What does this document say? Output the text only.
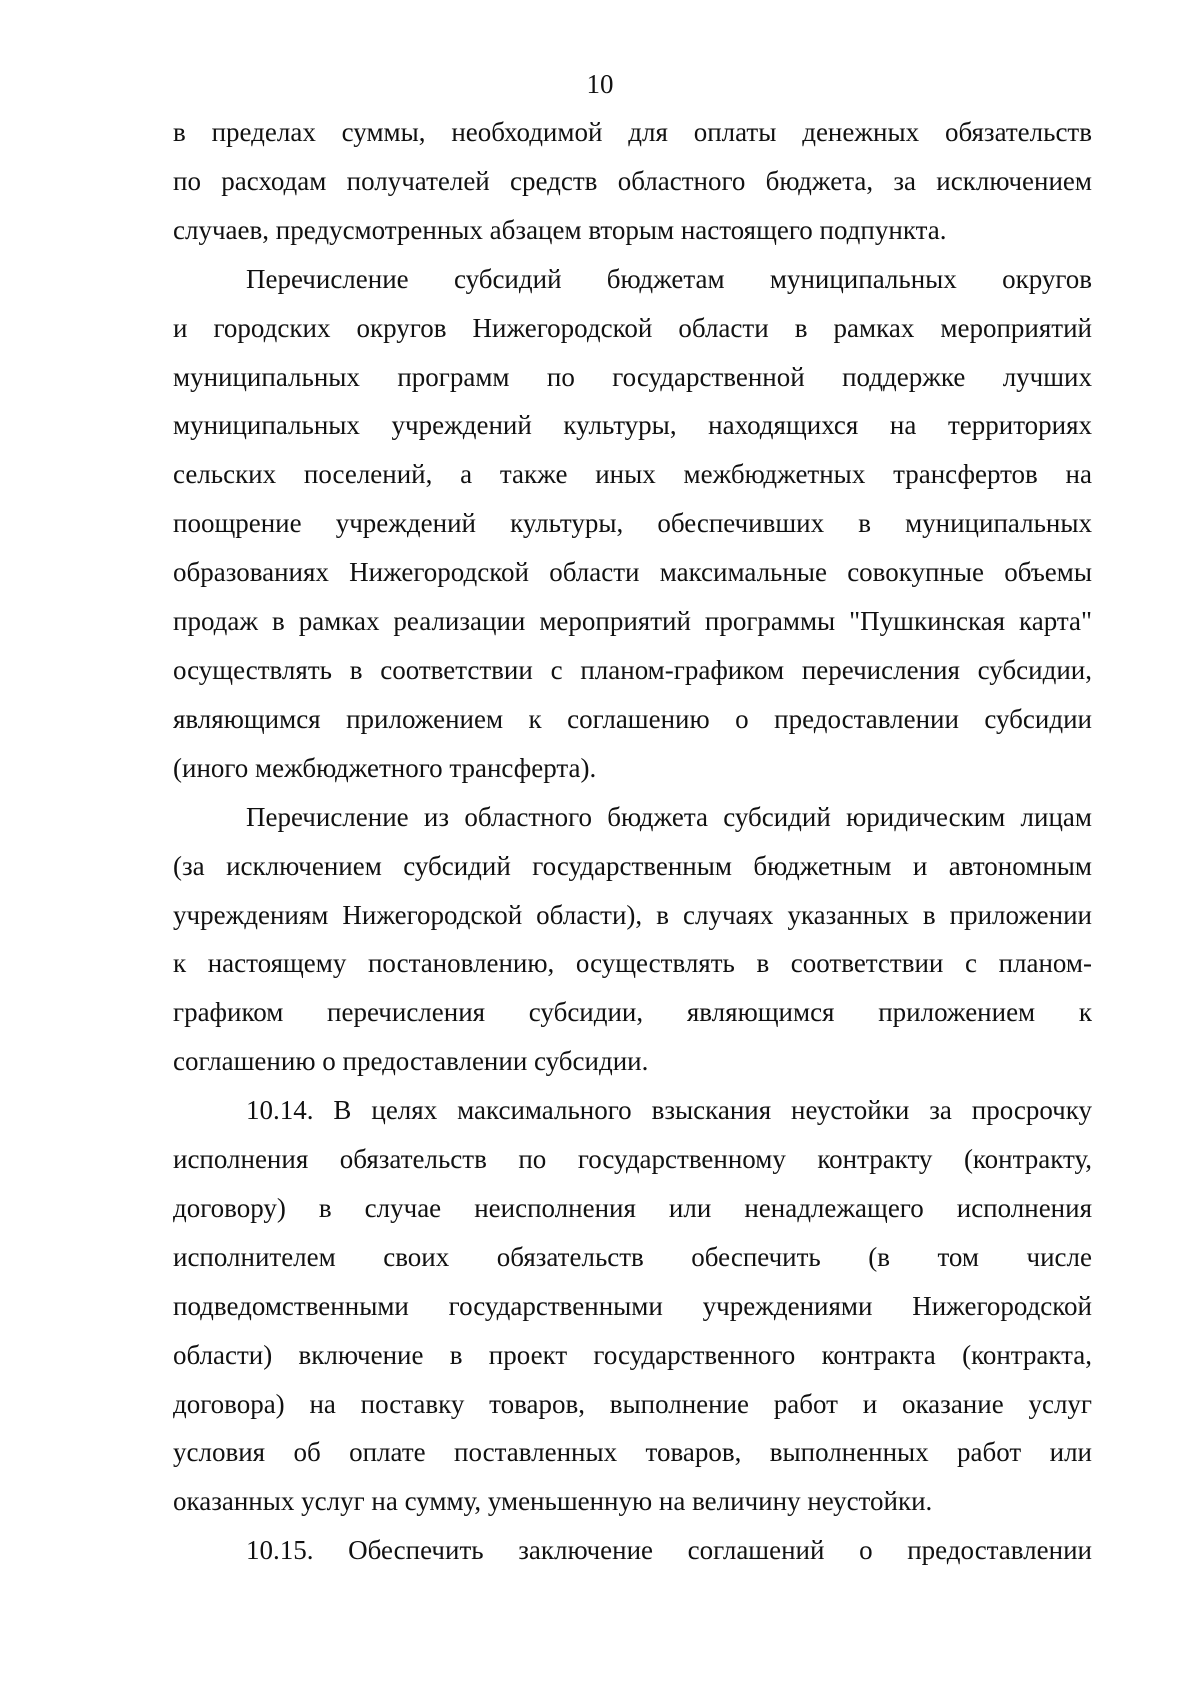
10
в пределах суммы, необходимой для оплаты денежных обязательств
по расходам получателей средств областного бюджета, за исключением
случаев, предусмотренных абзацем вторым настоящего подпункта.
Перечисление субсидий бюджетам муниципальных округов
и городских округов Нижегородской области в рамках мероприятий
муниципальных программ по государственной поддержке лучших
муниципальных учреждений культуры, находящихся на территориях
сельских поселений, а также иных межбюджетных трансфертов на
поощрение учреждений культуры, обеспечивших в муниципальных
образованиях Нижегородской области максимальные совокупные объемы
продаж в рамках реализации мероприятий программы "Пушкинская карта"
осуществлять в соответствии с планом-графиком перечисления субсидии,
являющимся приложением к соглашению о предоставлении субсидии
(иного межбюджетного трансферта).
Перечисление из областного бюджета субсидий юридическим лицам
(за исключением субсидий государственным бюджетным и автономным
учреждениям Нижегородской области), в случаях указанных в приложении
к настоящему постановлению, осуществлять в соответствии с планом-
графиком перечисления субсидии, являющимся приложением к
соглашению о предоставлении субсидии.
10.14. В целях максимального взыскания неустойки за просрочку
исполнения обязательств по государственному контракту (контракту,
договору) в случае неисполнения или ненадлежащего исполнения
исполнителем своих обязательств обеспечить (в том числе
подведомственными государственными учреждениями Нижегородской
области) включение в проект государственного контракта (контракта,
договора) на поставку товаров, выполнение работ и оказание услуг
условия об оплате поставленных товаров, выполненных работ или
оказанных услуг на сумму, уменьшенную на величину неустойки.
10.15. Обеспечить заключение соглашений о предоставлении
